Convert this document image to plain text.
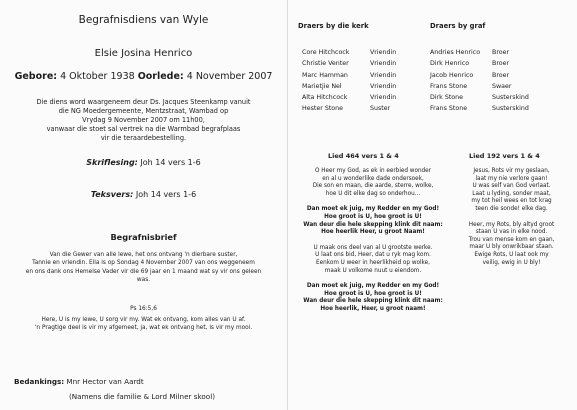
Begrafnisdiens van Wyle
Elsie Josina Henrico
Gebore: 4 Oktober 1938 Oorlede: 4 November 2007
Die diens word waargeneem deur Ds. Jacques Steenkamp vanuit
die NG Moedergemeente, Mentzstraat, Wambad op
Vrydag 9 November 2007 om 11h00,
vanwaar die stoet sal vertrek na die Warmbad begrafplaas
vir die teraardebestelling.
Skriflesing: Joh 14 vers 1-6
Teksvers: Joh 14 vers 1-6
Begrafnisbrief
Van die Gewer van alle lewe, het ons ontvang 'n dierbare suster,
Tannie en vriendin. Ella is op Sondag 4 November 2007 van ons weggeneem
en ons dank ons Hemelse Vader vir die 69 jaar en 1 maand wat sy vir ons geleen
was.
Ps 16:5,6
Here, U is my lewe, U sorg vir my. Wat ek ontvang, kom alles van U af.
'n Pragtige deel is vir my afgemeet, ja, wat ek ontvang het, is vir my mooi.
Bedankings: Mnr Hector van Aardt
(Namens die familie & Lord Milner skool)
Draers by die kerk	Draers by graf
Core Hitchcock	Vriendin
Christie Venter	Vriendin
Marc Hamman	Vriendin
Marietjie Nel	Vriendin
Alta Hitchcock	Vriendin
Hester Stone	Suster
Andries Henrico	Broer
Dirk Henrico	Broer
Jacob Henrico	Broer
Frans Stone	Swaer
Dirk Stone	Susterskind
Frans Stone	Susterskind
Lied 464 vers 1 & 4	Lied 192 vers 1 & 4
O Heer my God, as ek in eerbied wonder
en al u wonderlike dade ondersoek,
Die son en maan, die aarde, sterre, wolke,
hoe U dit elke dag so onderhou...
Dan moet ek juig, my Redder en my God!
Hoe groot is U, hoe groot is U!
Wan deur die hele skepping klink dit naam:
Hoe heerlik Heer, u groot Naam!
U maak ons deel van al U grootste werke.
U laat ons bid, Heer, dat u ryk mag kom.
Eenkom U weer in heerlikheid op wolke,
maak U volkome nuut u eiendom.
Dan moet ek juig, my Redder en my God!
Hoe groot is U, hoe groot is U!
Wan deur die hele skepping klink dit naam:
Hoe heerlik, Heer, u groot naam!
Jesus, Rots vir my geslaan,
laat my nie verlore gaan!
U was self van God verlaat.
Laat u lyding, sonder maat,
my tot heil wees en tot krag
teen die sonde! elke dag.
Heer, my Rots, bly altyd groot
staan U vas in elke nood.
Trou van mense kom en gaan,
maar U bly onwrikbaar staan.
Ewige Rots, U laat ook my
veilig, ewig in U bly!
